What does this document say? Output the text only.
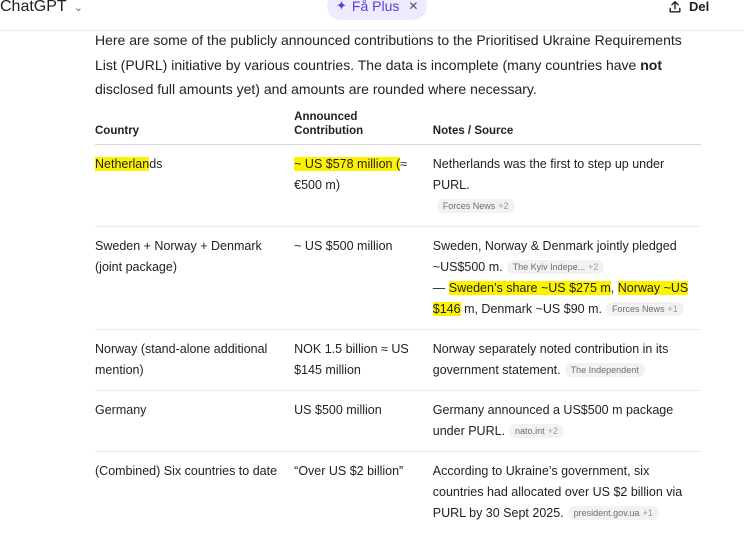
ChatGPT ⌄	✦ Få Plus ✕	Del

Here are some of the publicly announced contributions to the Prioritised Ukraine Requirements List (PURL) initiative by various countries. The data is incomplete (many countries have not disclosed full amounts yet) and amounts are rounded where necessary.

Country	Announced Contribution	Notes / Source
Netherlands	~ US $578 million (≈ €500 m)	Netherlands was the first to step up under PURL.
Forces News +2
Sweden + Norway + Denmark (joint package)	~ US $500 million	Sweden, Norway & Denmark jointly pledged ~US$500 m. The Kyiv Indepe... +2
— Sweden’s share ~US $275 m, Norway ~US $146 m, Denmark ~US $90 m. Forces News +1
Norway (stand-alone additional mention)	NOK 1.5 billion ≈ US $145 million	Norway separately noted contribution in its government statement. The Independent
Germany	US $500 million	Germany announced a US$500 m package under PURL. nato.int +2
(Combined) Six countries to date	“Over US $2 billion”	According to Ukraine’s government, six countries had allocated over US $2 billion via PURL by 30 Sept 2025. president.gov.ua +1
